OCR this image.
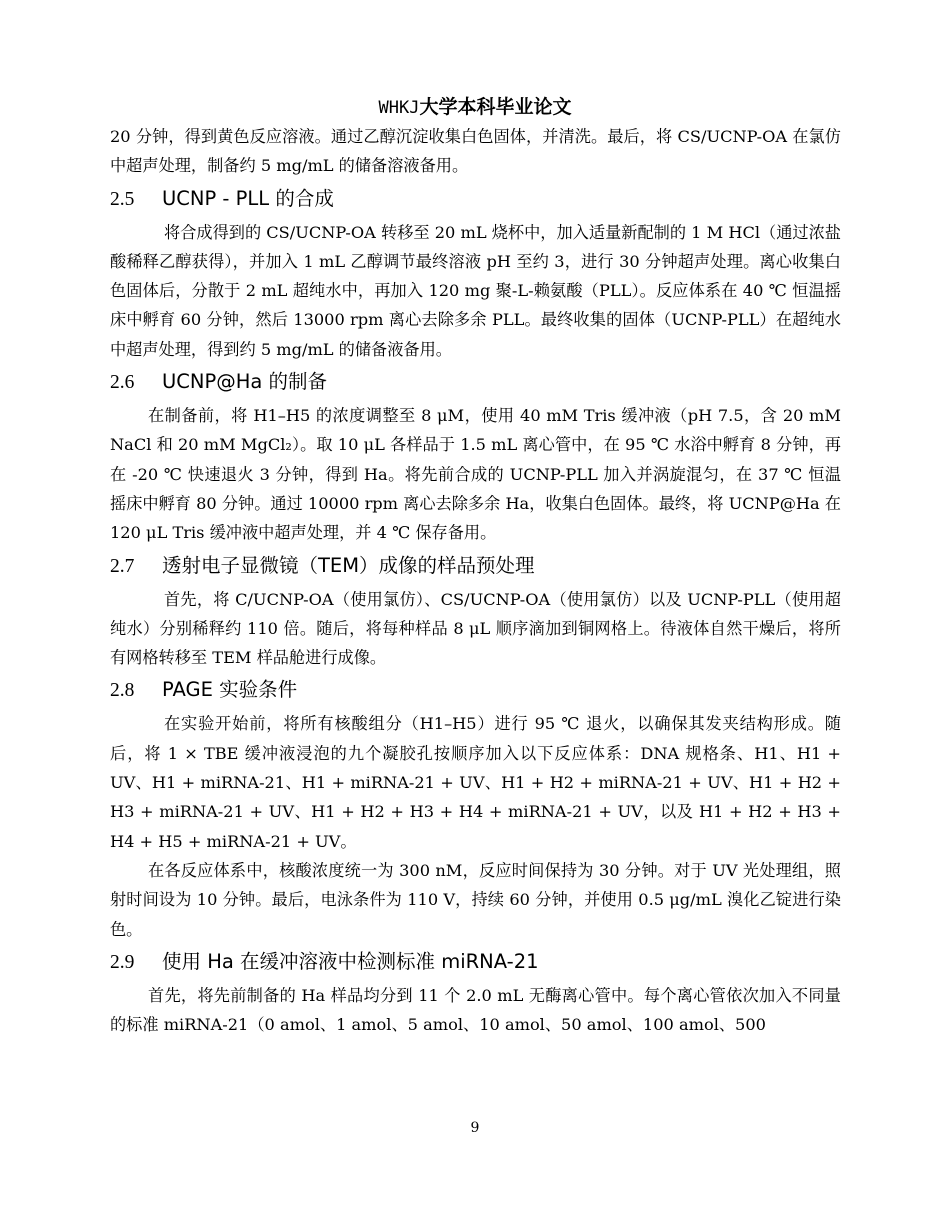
WHKJ大学本科毕业论文

20 分钟，得到黄色反应溶液。通过乙醇沉淀收集白色固体，并清洗。最后，将 CS/UCNP-OA 在氯仿中超声处理，制备约 5 mg/mL 的储备溶液备用。

2.5 UCNP - PLL 的合成

将合成得到的 CS/UCNP-OA 转移至 20 mL 烧杯中，加入适量新配制的 1 M HCl（通过浓盐酸稀释乙醇获得），并加入 1 mL 乙醇调节最终溶液 pH 至约 3，进行 30 分钟超声处理。离心收集白色固体后，分散于 2 mL 超纯水中，再加入 120 mg 聚-L-赖氨酸（PLL）。反应体系在 40 ℃ 恒温摇床中孵育 60 分钟，然后 13000 rpm 离心去除多余 PLL。最终收集的固体（UCNP-PLL）在超纯水中超声处理，得到约 5 mg/mL 的储备液备用。

2.6 UCNP@Ha 的制备

在制备前，将 H1–H5 的浓度调整至 8 μM，使用 40 mM Tris 缓冲液（pH 7.5，含 20 mM NaCl 和 20 mM MgCl₂）。取 10 μL 各样品于 1.5 mL 离心管中，在 95 ℃ 水浴中孵育 8 分钟，再在 -20 ℃ 快速退火 3 分钟，得到 Ha。将先前合成的 UCNP-PLL 加入并涡旋混匀，在 37 ℃ 恒温摇床中孵育 80 分钟。通过 10000 rpm 离心去除多余 Ha，收集白色固体。最终，将 UCNP@Ha 在 120 μL Tris 缓冲液中超声处理，并 4 ℃ 保存备用。

2.7 透射电子显微镜（TEM）成像的样品预处理

首先，将 C/UCNP-OA（使用氯仿）、CS/UCNP-OA（使用氯仿）以及 UCNP-PLL（使用超纯水）分别稀释约 110 倍。随后，将每种样品 8 μL 顺序滴加到铜网格上。待液体自然干燥后，将所有网格转移至 TEM 样品舱进行成像。

2.8 PAGE 实验条件

在实验开始前，将所有核酸组分（H1–H5）进行 95 ℃ 退火，以确保其发夹结构形成。随后，将 1 × TBE 缓冲液浸泡的九个凝胶孔按顺序加入以下反应体系：DNA 规格条、H1、H1 + UV、H1 + miRNA-21、H1 + miRNA-21 + UV、H1 + H2 + miRNA-21 + UV、H1 + H2 + H3 + miRNA-21 + UV、H1 + H2 + H3 + H4 + miRNA-21 + UV，以及 H1 + H2 + H3 + H4 + H5 + miRNA-21 + UV。

在各反应体系中，核酸浓度统一为 300 nM，反应时间保持为 30 分钟。对于 UV 光处理组，照射时间设为 10 分钟。最后，电泳条件为 110 V，持续 60 分钟，并使用 0.5 μg/mL 溴化乙锭进行染色。

2.9 使用 Ha 在缓冲溶液中检测标准 miRNA-21

首先，将先前制备的 Ha 样品均分到 11 个 2.0 mL 无酶离心管中。每个离心管依次加入不同量的标准 miRNA-21（0 amol、1 amol、5 amol、10 amol、50 amol、100 amol、500

9
